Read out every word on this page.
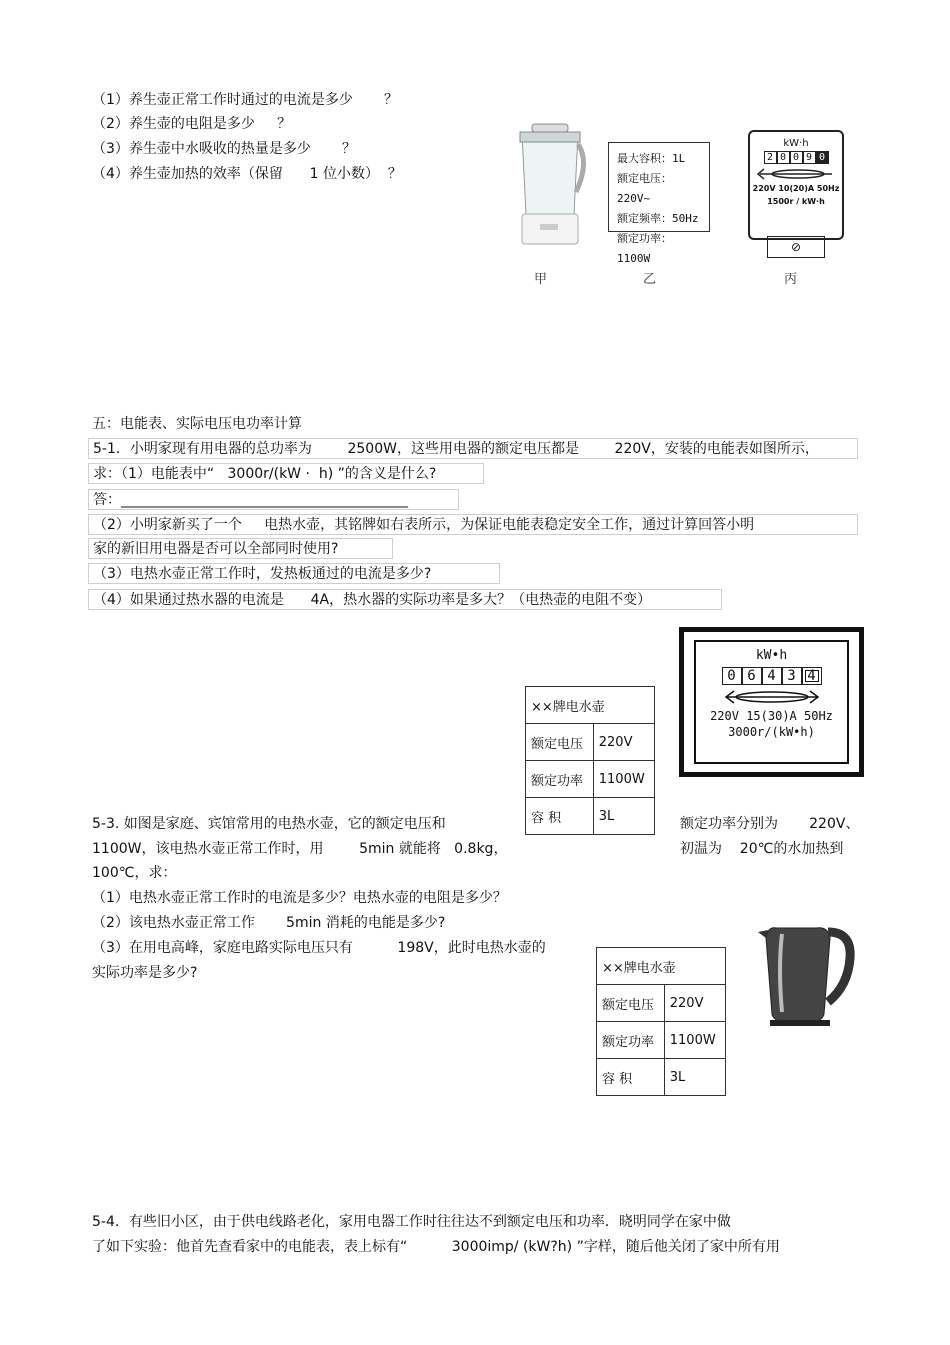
（1）养生壶正常工作时通过的电流是多少       ？
（2）养生壶的电阻是多少     ？
（3）养生壶中水吸收的热量是多少       ？
（4）养生壶加热的效率（保留      1 位小数）  ？
甲
最大容积：1L
额定电压：220V~
额定频率：50Hz
额定功率：1100W
乙
kW·h
2 0 0 9 0
220V 10(20)A 50Hz
1500r / kW·h
⊘
丙
五：电能表、实际电压电功率计算
5-1．小明家现有用电器的总功率为        2500W，这些用电器的额定电压都是        220V，安装的电能表如图所示，
求：（1）电能表中“   3000r/(kW ·  h) ”的含义是什么?
答：_________________________________________
（2）小明家新买了一个     电热水壶，其铭牌如右表所示，为保证电能表稳定安全工作，通过计算回答小明
家的新旧用电器是否可以全部同时使用?
（3）电热水壶正常工作时，发热板通过的电流是多少?
（4）如果通过热水器的电流是      4A，热水器的实际功率是多大？（电热壶的电阻不变）
××牌电水壶	
额定电压	220V
额定功率	1100W
容 积	3L
kW•h
0 6 4 3 4
220V 15(30)A 50Hz
3000r/(kW•h)
5-3. 如图是家庭、宾馆常用的电热水壶，它的额定电压和	额定功率分别为       220V、
1100W，该电热水壶正常工作时，用        5min 就能将   0.8kg，	初温为    20℃的水加热到
100℃，求：
（1）电热水壶正常工作时的电流是多少？电热水壶的电阻是多少？
（2）该电热水壶正常工作       5min 消耗的电能是多少?
（3）在用电高峰，家庭电路实际电压只有          198V，此时电热水壶的
实际功率是多少?	××牌电水壶	
额定电压	220V
额定功率	1100W
容 积	3L
5-4．有些旧小区，由于供电线路老化，家用电器工作时往往达不到额定电压和功率．晓明同学在家中做
了如下实验：他首先查看家中的电能表，表上标有“          3000imp/ (kW?h) ”字样，随后他关闭了家中所有用
